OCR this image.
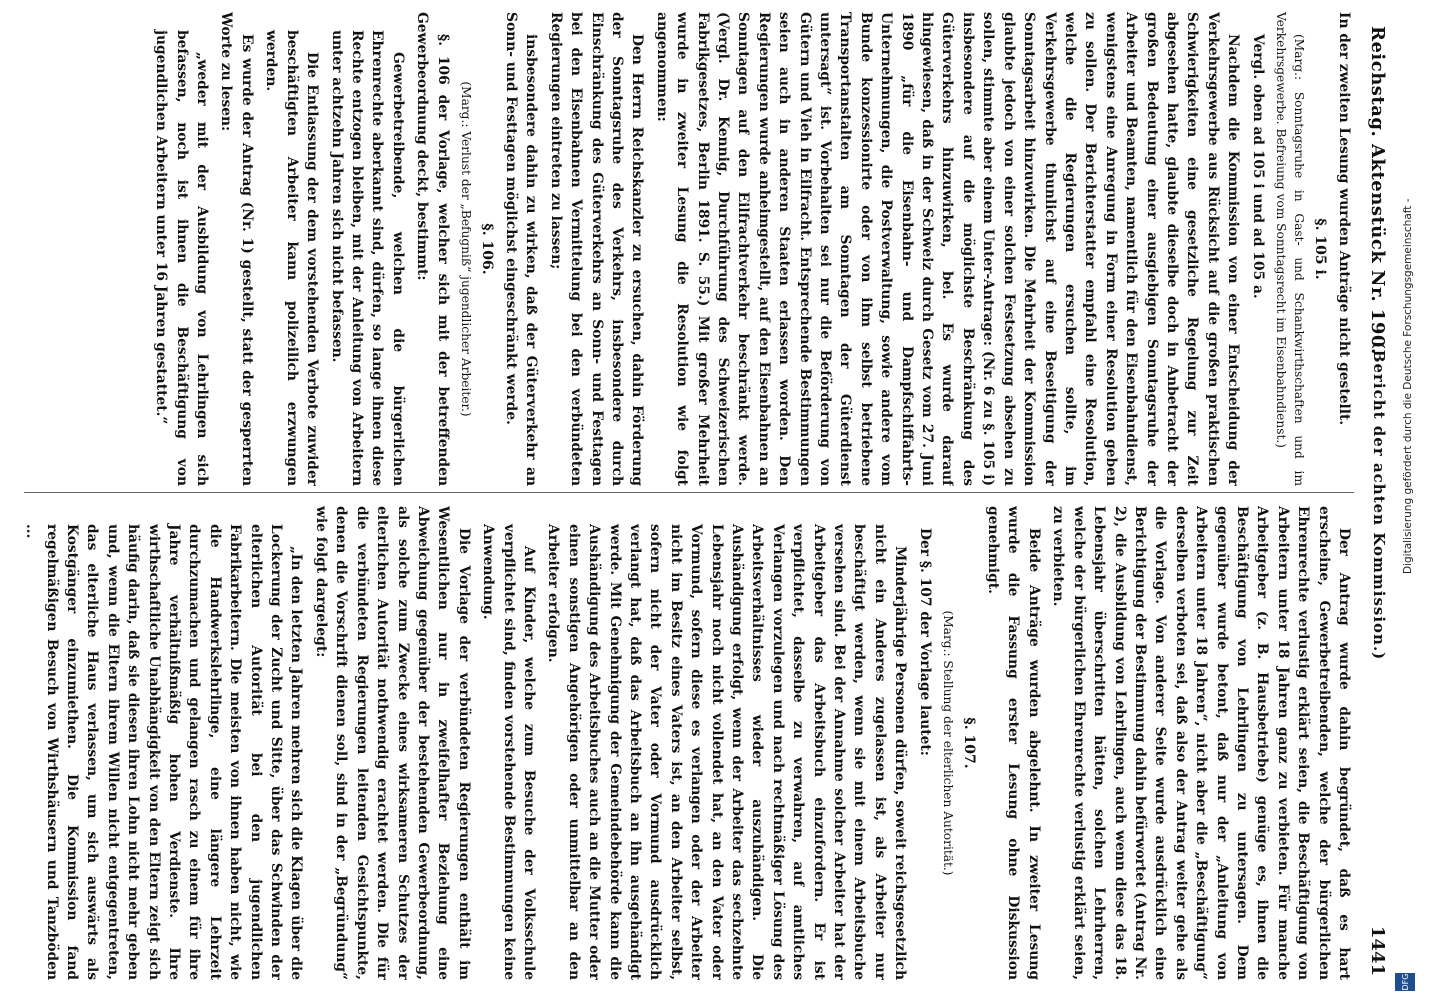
Reichstag. Aktenstück Nr. 190.
(Bericht der achten Kommission.)
1441

In der zweiten Lesung wurden Anträge nicht gestellt.

§. 105 i.

(Marg.: Sonntagsruhe in Gast- und Schankwirthschaften und im Verkehrsgewerbe. Befreiung vom Sonntagsrecht im Eisenbahndienst.)

Vergl. oben ad 105 i und ad 105 a.

Nachdem die Kommission von einer Entscheidung der Verkehrsgewerbe aus Rücksicht auf die großen praktischen Schwierigkeiten eine gesetzliche Regelung zur Zeit abgesehen hatte, glaubte dieselbe doch in Anbetracht der großen Bedeutung einer ausgiebigen Sonntagsruhe der Arbeiter und Beamten, namentlich für den Eisenbahndienst, wenigstens eine Anregung in Form einer Resolution geben zu sollen. Der Berichterstatter empfahl eine Resolution, welche die Regierungen ersuchen sollte, im Verkehrsgewerbe thunlichst auf eine Beseitigung der Sonntagsarbeit hinzuwirken. Die Mehrheit der Kommission glaubte jedoch von einer solchen Festsetzung absehen zu sollen, stimmte aber einem Unter-Antrage: (Nr. 6 zu §. 105 i) insbesondere auf die möglichste Beschränkung des Güterverkehrs hinzuwirken, bei. Es wurde darauf hingewiesen, daß in der Schweiz durch Gesetz vom 27. Juni 1890 „für die Eisenbahn- und Dampfschiffahrts-Unternehmungen, die Postverwaltung, sowie andere vom Bunde konzessionirte oder von ihm selbst betriebene Transportanstalten am Sonntagen der Güterdienst untersagt“ ist. Vorbehalten sei nur die Beförderung von Gütern und Vieh in Eilfracht. Entsprechende Bestimmungen seien auch in anderen Staaten erlassen worden. Den Regierungen wurde anheimgestellt, auf den Eisenbahnen an Sonntagen auf den Eilfrachtverkehr beschränkt werde. (Vergl. Dr. Kennig, Durchführung des Schweizerischen Fabrikgesetzes, Berlin 1891. S. 55.) Mit großer Mehrheit wurde in zweiter Lesung die Resolution wie folgt angenommen:

Den Herrn Reichskanzler zu ersuchen, dahin Förderung der Sonntagsruhe des Verkehrs, insbesondere durch Einschränkung des Güterverkehrs an Sonn- und Festtagen bei den Eisenbahnen Vermittelung bei den verbündeten Regierungen eintreten zu lassen;

insbesondere dahin zu wirken, daß der Güterverkehr an Sonn- und Festtagen möglichst eingeschränkt werde.

§. 106.

(Marg.: Verlust der „Befugniß“ jugendlicher Arbeiter.)

§. 106 der Vorlage, welcher sich mit der betreffenden Gewerbeordnung deckt, bestimmt:

Gewerbetreibende, welchen die bürgerlichen Ehrenrechte aberkannt sind, dürfen, so lange ihnen diese Rechte entzogen bleiben, mit der Anleitung von Arbeitern unter achtzehn Jahren sich nicht befassen.

Die Entlassung der dem vorstehenden Verbote zuwider beschäftigten Arbeiter kann polizeilich erzwungen werden.

Es wurde der Antrag (Nr. 1) gestellt, statt der gesperrten Worte zu lesen:

„weder mit der Ausbildung von Lehrlingen sich befassen, noch ist ihnen die Beschäftigung von jugendlichen Arbeitern unter 16 Jahren gestattet.“

Der Antrag wurde dahin begründet, daß es hart erscheine, Gewerbetreibenden, welche der bürgerlichen Ehrenrechte verlustig erklärt seien, die Beschäftigung von Arbeitern unter 18 Jahren ganz zu verbieten. Für manche Arbeitgeber (z. B. Hausbetriebe) genüge es, ihnen die Beschäftigung von Lehrlingen zu untersagen. Dem gegenüber wurde betont, daß nur der „Anleitung von Arbeitern unter 18 Jahren“, nicht aber die „Beschäftigung“ derselben verboten sei, daß also der Antrag weiter gehe als die Vorlage. Von anderer Seite wurde ausdrücklich eine Berichtigung der Bestimmung dahin befürwortet (Antrag Nr. 2), die Ausbildung von Lehrlingen, auch wenn diese das 18. Lebensjahr überschritten hätten, solchen Lehrherren, welche der bürgerlichen Ehrenrechte verlustig erklärt seien, zu verbieten.

Beide Anträge wurden abgelehnt. In zweiter Lesung wurde die Fassung erster Lesung ohne Diskussion genehmigt.

§. 107.

(Marg.: Stellung der elterlichen Autorität.)

Der §. 107 der Vorlage lautet:

Minderjährige Personen dürfen, soweit reichsgesetzlich nicht ein Anderes zugelassen ist, als Arbeiter nur beschäftigt werden, wenn sie mit einem Arbeitsbuche versehen sind. Bei der Annahme solcher Arbeiter hat der Arbeitgeber das Arbeitsbuch einzufordern. Er ist verpflichtet, dasselbe zu verwahren, auf amtliches Verlangen vorzulegen und nach rechtmäßiger Lösung des Arbeitsverhältnisses wieder auszuhändigen. Die Aushändigung erfolgt, wenn der Arbeiter das sechzehnte Lebensjahr noch nicht vollendet hat, an den Vater oder Vormund, sofern diese es verlangen oder der Arbeiter nicht im Besitz eines Vaters ist, an den Arbeiter selbst, sofern nicht der Vater oder Vormund ausdrücklich verlangt hat, daß das Arbeitsbuch an ihn ausgehändigt werde. Mit Genehmigung der Gemeindebehörde kann die Aushändigung des Arbeitsbuches auch an die Mutter oder einen sonstigen Angehörigen oder unmittelbar an den Arbeiter erfolgen.

Auf Kinder, welche zum Besuche der Volksschule verpflichtet sind, finden vorstehende Bestimmungen keine Anwendung.

Die Vorlage der verbündeten Regierungen enthält im Wesentlichen nur in zweifelhafter Beziehung eine Abweichung gegenüber der bestehenden Gewerbeordnung, als solche zum Zwecke eines wirksameren Schutzes der elterlichen Autorität nothwendig erachtet werden. Die für die verbündeten Regierungen leitenden Gesichtspunkte, denen die Vorschrift dienen soll, sind in der „Begründung“ wie folgt dargelegt:

„In den letzten Jahren mehren sich die Klagen über die Lockerung der Zucht und Sitte, über das Schwinden der elterlichen Autorität bei den jugendlichen Fabrikarbeitern. Die meisten von ihnen haben nicht, wie die Handwerkslehrlinge, eine längere Lehrzeit durchzumachen und gelangen rasch zu einem für ihre Jahre verhältnißmäßig hohen Verdienste. Ihre wirthschaftliche Unabhängigkeit von den Eltern zeigt sich häufig darin, daß sie diesen ihren Lohn nicht mehr geben und, wenn die Eltern ihrem Willen nicht entgegentreten, das elterliche Haus verlassen, um sich auswärts als Kostgänger einzumiethen. Die Kommission fand regelmäßigen Besuch von Wirthshäusern und Tanzböden ...	Digitalisierung gefördert durch die Deutsche Forschungsgemeinschaft -
DFG
